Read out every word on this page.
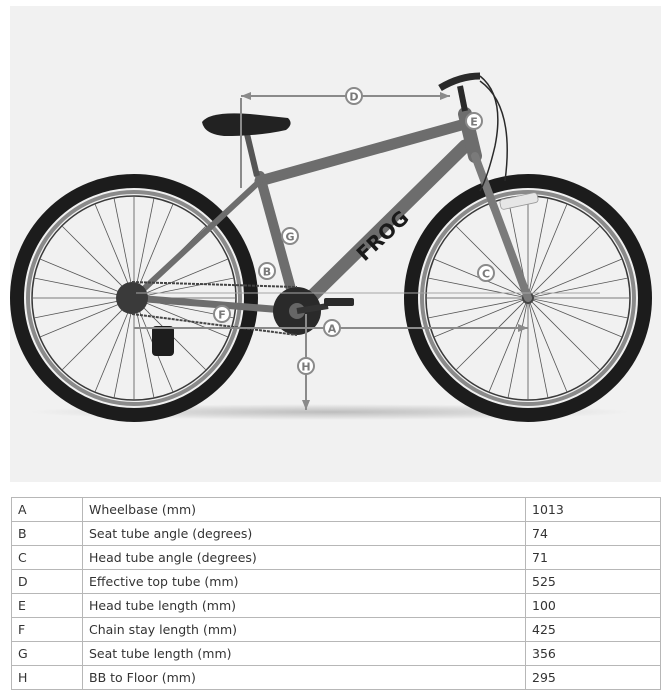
FROG
D
E
G
B	C
F
A
H
A	Wheelbase (mm)	1013
B	Seat tube angle (degrees)	74
C	Head tube angle (degrees)	71
D	Effective top tube (mm)	525
E	Head tube length (mm)	100
F	Chain stay length (mm)	425
G	Seat tube length (mm)	356
H	BB to Floor (mm)	295
